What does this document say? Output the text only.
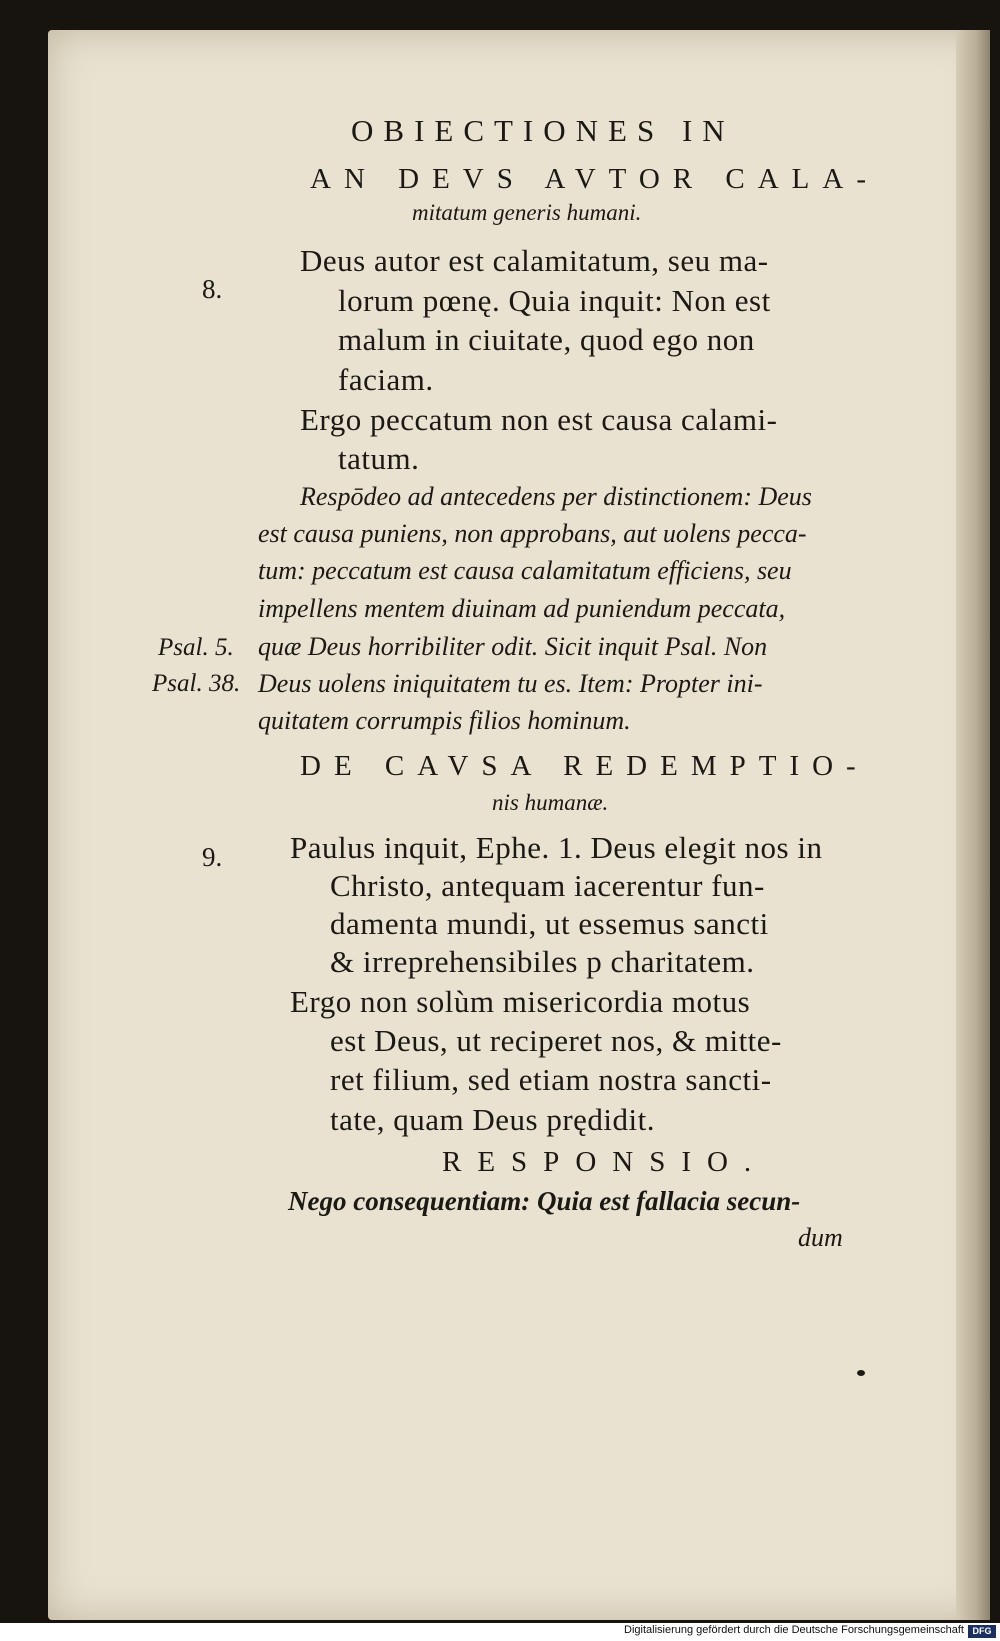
OBIECTIONES IN
AN DEVS AVTOR CALA-
mitatum generis humani.
8.
Deus autor est calamitatum, seu ma-
lorum pœnę. Quia inquit: Non est
malum in ciuitate, quod ego non
faciam.
Ergo peccatum non est causa calami-
tatum.
Respōdeo ad antecedens per distinctionem: Deus
est causa puniens, non approbans, aut uolens pecca-
tum: peccatum est causa calamitatum efficiens, seu
impellens mentem diuinam ad puniendum peccata,
quæ Deus horribiliter odit. Sicit inquit Psal. Non
Deus uolens iniquitatem tu es. Item: Propter ini-
quitatem corrumpis filios hominum.
Psal. 5.
Psal. 38.
DE CAVSA REDEMPTIO-
nis humanæ.
9. Paulus inquit, Ephe. 1. Deus elegit nos in
Christo, antequam iacerentur fun-
damenta mundi, ut essemus sancti
& irreprehensibiles p charitatem.
Ergo non solùm misericordia motus
est Deus, ut reciperet nos, & mitte-
ret filium, sed etiam nostra sancti-
tate, quam Deus prędidit.
RESPONSIO.
Nego consequentiam: Quia est fallacia secun-
dum
Digitalisierung gefördert durch die Deutsche Forschungsgemeinschaft DFG
